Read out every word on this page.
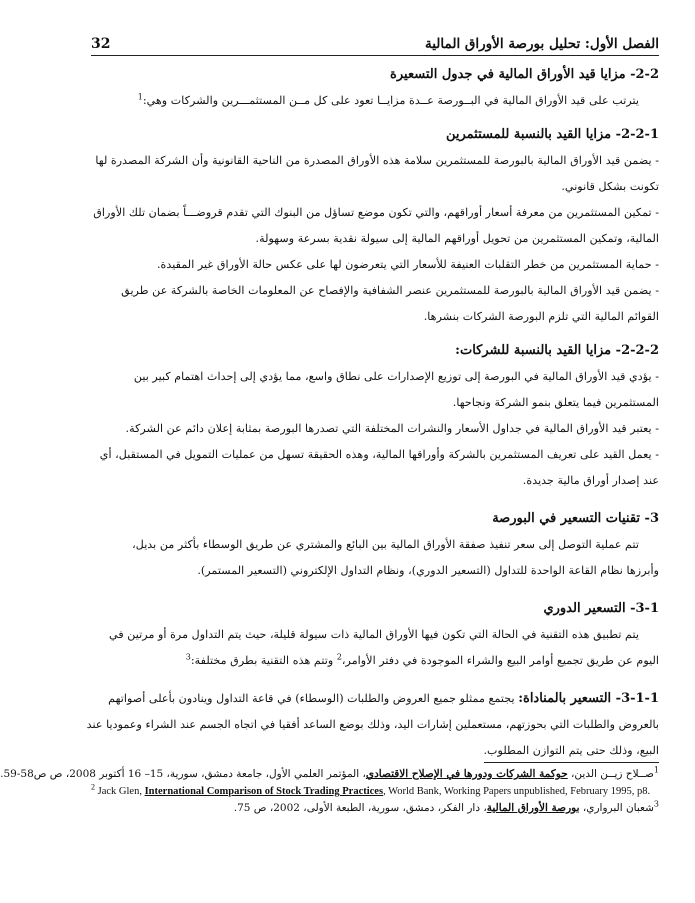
الفصل الأول: تحليل بورصة الأوراق المالية
32

2-2- مزايا قيد الأوراق المالية في جدول التسعيرة

يترتب على قيد الأوراق المالية في البــورصة عــدة مزايــا تعود على كل مــن المستثمـــرين والشركات وهي:$^1$

2-2-1- مزايا القيد بالنسبة للمستثمرين

- يضمن قيد الأوراق المالية بالبورصة للمستثمرين سلامة هذه الأوراق المصدرة من الناحية القانونية وأن الشركة المصدرة لها

تكونت بشكل قانوني.

- تمكين المستثمرين من معرفة أسعار أوراقهم، والتي تكون موضع تساؤل من البنوك التي تقدم قروضـــاً بضمان تلك الأوراق

المالية، وتمكين المستثمرين من تحويل أوراقهم المالية إلى سيولة نقدية بسرعة وسهولة.

- حماية المستثمرين من خطر التقلبات العنيفة للأسعار التي يتعرضون لها على عكس حالة الأوراق غير المقيدة.

- يضمن قيد الأوراق المالية بالبورصة للمستثمرين عنصر الشفافية والإفصاح عن المعلومات الخاصة بالشركة عن طريق

القوائم المالية التي تلزم البورصة الشركات بنشرها.

2-2-2- مزايا القيد بالنسبة للشركات:

- يؤدي قيد الأوراق المالية في البورصة إلى توزيع الإصدارات على نطاق واسع، مما يؤدي إلى إحداث اهتمام كبير بين

المستثمرين فيما يتعلق بنمو الشركة ونجاحها.

- يعتبر قيد الأوراق المالية في جداول الأسعار والنشرات المختلفة التي تصدرها البورصة بمثابة إعلان دائم عن الشركة.

- يعمل القيد على تعريف المستثمرين بالشركة وأوراقها المالية، وهذه الحقيقة تسهل من عمليات التمويل في المستقبل، أي

عند إصدار أوراق مالية جديدة.

3- تقنيات التسعير في البورصة

تتم عملية التوصل إلى سعر تنفيذ صفقة الأوراق المالية بين البائع والمشتري عن طريق الوسطاء بأكثر من بديل،

وأبرزها نظام القاعة الواحدة للتداول (التسعير الدوري)، ونظام التداول الإلكتروني (التسعير المستمر).

3-1- التسعير الدوري

يتم تطبيق هذه التقنية في الحالة التي تكون فيها الأوراق المالية ذات سيولة قليلة، حيث يتم التداول مرة أو مرتين في

اليوم عن طريق تجميع أوامر البيع والشراء الموجودة في دفتر الأوامر،$^2$ وتتم هذه التقنية بطرق مختلفة:$^3$

3-1-1- التسعير بالمناداة: يجتمع ممثلو جميع العروض والطلبات (الوسطاء) في قاعة التداول وينادون بأعلى أصواتهم

بالعروض والطلبات التي بحوزتهم، مستعملين إشارات اليد، وذلك بوضع الساعد أفقيا في اتجاه الجسم عند الشراء وعموديا عند

البيع، وذلك حتى يتم التوازن المطلوب.

$^1$صــلاح زيــن الدين، حوكمة الشركات ودورها في الإصلاح الاقتصادي، المؤتمر العلمي الأول، جامعة دمشق، سورية، 15– 16 أكتوبر 2008، ص ص58-59.

$^2$ Jack Glen, International Comparison of Stock Trading Practices, World Bank, Working Papers unpublished, February 1995, p8.

$^3$شعبان البرواري، بورصة الأوراق المالية، دار الفكر، دمشق، سورية، الطبعة الأولى، 2002، ص 75.
